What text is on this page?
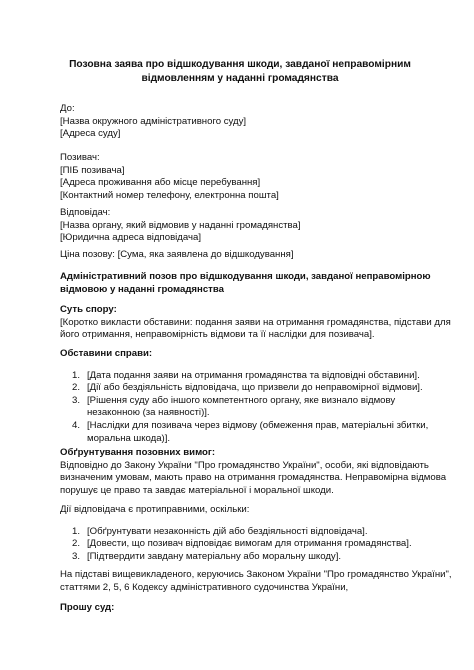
Позовна заява про відшкодування шкоди, завданої неправомірним
відмовленням у наданні громадянства
До:
[Назва окружного адміністративного суду]
[Адреса суду]
Позивач:
[ПІБ позивача]
[Адреса проживання або місце перебування]
[Контактний номер телефону, електронна пошта]
Відповідач:
[Назва органу, який відмовив у наданні громадянства]
[Юридична адреса відповідача]
Ціна позову: [Сума, яка заявлена до відшкодування]
Адміністративний позов про відшкодування шкоди, завданої неправомірною
відмовою у наданні громадянства
Суть спору:
[Коротко викласти обставини: подання заяви на отримання громадянства, підстави для
його отримання, неправомірність відмови та її наслідки для позивача].
Обставини справи:
1. [Дата подання заяви на отримання громадянства та відповідні обставини].
2. [Дії або бездіяльність відповідача, що призвели до неправомірної відмови].
3. [Рішення суду або іншого компетентного органу, яке визнало відмову
незаконною (за наявності)].
4. [Наслідки для позивача через відмову (обмеження прав, матеріальні збитки,
моральна шкода)].
Обґрунтування позовних вимог:
Відповідно до Закону України "Про громадянство України", особи, які відповідають
визначеним умовам, мають право на отримання громадянства. Неправомірна відмова
порушує це право та завдає матеріальної і моральної шкоди.
Дії відповідача є протиправними, оскільки:
1. [Обґрунтувати незаконність дій або бездіяльності відповідача].
2. [Довести, що позивач відповідає вимогам для отримання громадянства].
3. [Підтвердити завдану матеріальну або моральну шкоду].
На підставі вищевикладеного, керуючись Законом України "Про громадянство України",
статтями 2, 5, 6 Кодексу адміністративного судочинства України,
Прошу суд:
